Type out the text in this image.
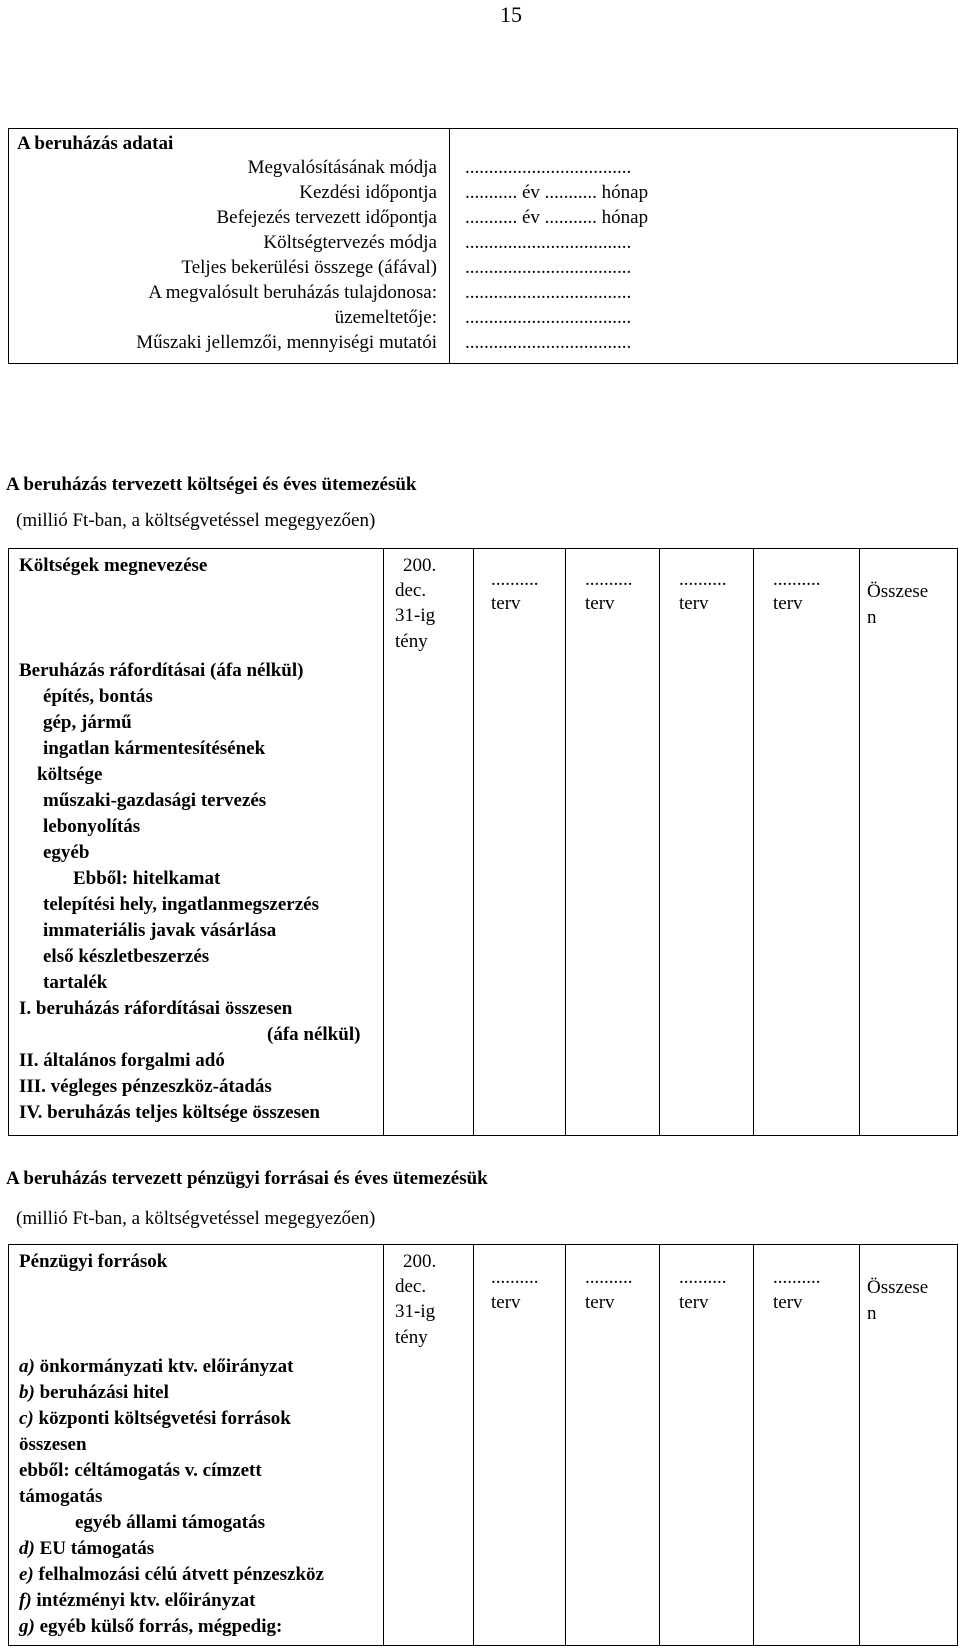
15
A beruházás adatai
Megvalósításának módja
Kezdési időpontja
Befejezés tervezett időpontja
Költségtervezés módja
Teljes bekerülési összege (áfával)
A megvalósult beruházás tulajdonosa:
üzemeltetője:
Műszaki jellemzői, mennyiségi mutatói
...................................
........... év ........... hónap
........... év ........... hónap
...................................
...................................
...................................
...................................
...................................
A beruházás tervezett költségei és éves ütemezésük
(millió Ft-ban, a költségvetéssel megegyezően)
Költségek megnevezése	200.
dec.
31-ig
tény
..........
terv
..........
terv
..........
terv
..........
terv
Összese
n
Beruházás ráfordításai (áfa nélkül)
építés, bontás
gép, jármű
ingatlan kármentesítésének
költsége
műszaki-gazdasági tervezés
lebonyolítás
egyéb
Ebből: hitelkamat
telepítési hely, ingatlanmegszerzés
immateriális javak vásárlása
első készletbeszerzés
tartalék
I. beruházás ráfordításai összesen
(áfa nélkül)
II. általános forgalmi adó
III. végleges pénzeszköz-átadás
IV. beruházás teljes költsége összesen
A beruházás tervezett pénzügyi forrásai és éves ütemezésük
(millió Ft-ban, a költségvetéssel megegyezően)
Pénzügyi források	200.
dec.
31-ig
tény
..........
terv
..........
terv
..........
terv
..........
terv
Összese
n
a) önkormányzati ktv. előirányzat
b) beruházási hitel
c) központi költségvetési források
összesen
ebből: céltámogatás v. címzett
támogatás
egyéb állami támogatás
d) EU támogatás
e) felhalmozási célú átvett pénzeszköz
f) intézményi ktv. előirányzat
g) egyéb külső forrás, mégpedig:
